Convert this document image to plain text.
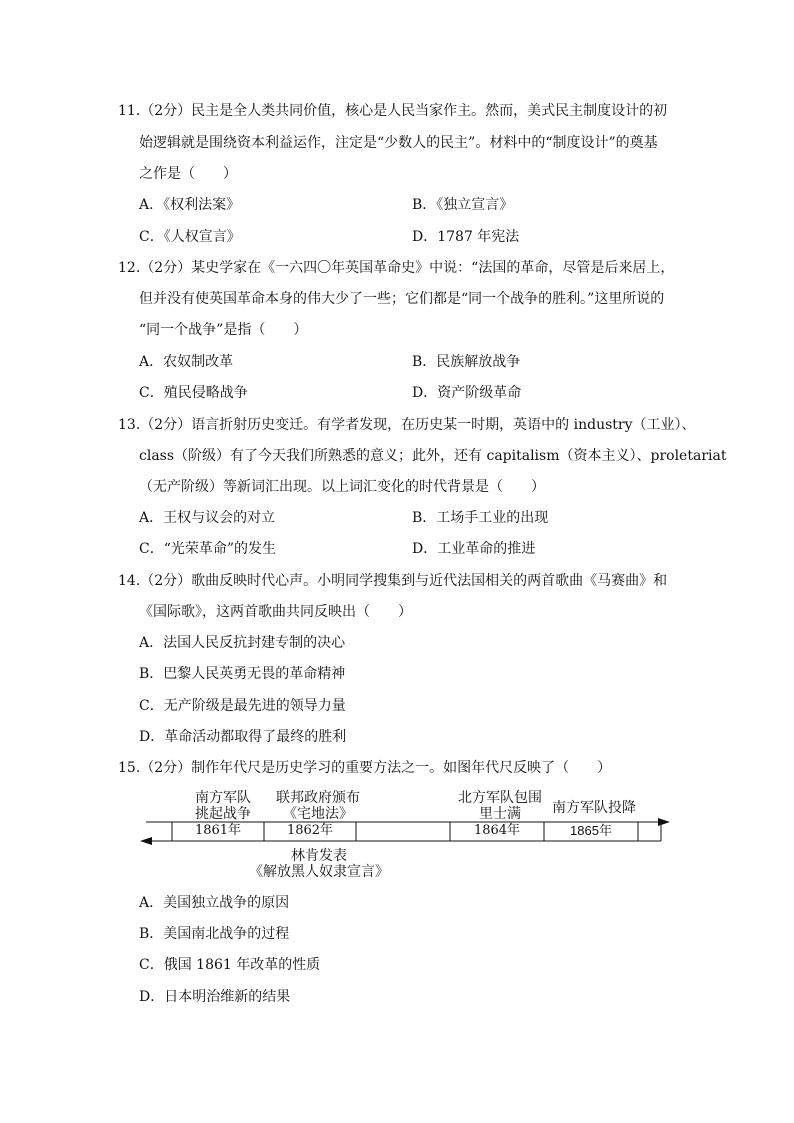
11.（2分）民主是全人类共同价值，核心是人民当家作主。然而，美式民主制度设计的初
始逻辑就是围绕资本利益运作，注定是“少数人的民主”。材料中的“制度设计”的奠基
之作是（　　）
A．《权利法案》	B．《独立宣言》
C．《人权宣言》	D．1787 年宪法
12.（2分）某史学家在《一六四〇年英国革命史》中说：“法国的革命，尽管是后来居上，
但并没有使英国革命本身的伟大少了一些；它们都是“同一个战争的胜利。”这里所说的
“同一个战争”是指（　　）
A．农奴制改革	B．民族解放战争
C．殖民侵略战争	D．资产阶级革命
13.（2分）语言折射历史变迁。有学者发现，在历史某一时期，英语中的 industry（工业）、
class（阶级）有了今天我们所熟悉的意义；此外，还有 capitalism（资本主义）、proletariat
（无产阶级）等新词汇出现。以上词汇变化的时代背景是（　　）
A．王权与议会的对立	B．工场手工业的出现
C．“光荣革命”的发生	D．工业革命的推进
14.（2分）歌曲反映时代心声。小明同学搜集到与近代法国相关的两首歌曲《马赛曲》和
《国际歌》，这两首歌曲共同反映出（　　）
A．法国人民反抗封建专制的决心
B．巴黎人民英勇无畏的革命精神
C．无产阶级是最先进的领导力量
D．革命活动都取得了最终的胜利
15.（2分）制作年代尺是历史学习的重要方法之一。如图年代尺反映了（　　）
南方军队
挑起战争
联邦政府颁布
《宅地法》
北方军队包围
里士满	南方军队投降
1861年	1862年	1864年	1865年
林肯发表
《解放黑人奴隶宣言》
A．美国独立战争的原因
B．美国南北战争的过程
C．俄国 1861 年改革的性质
D．日本明治维新的结果
